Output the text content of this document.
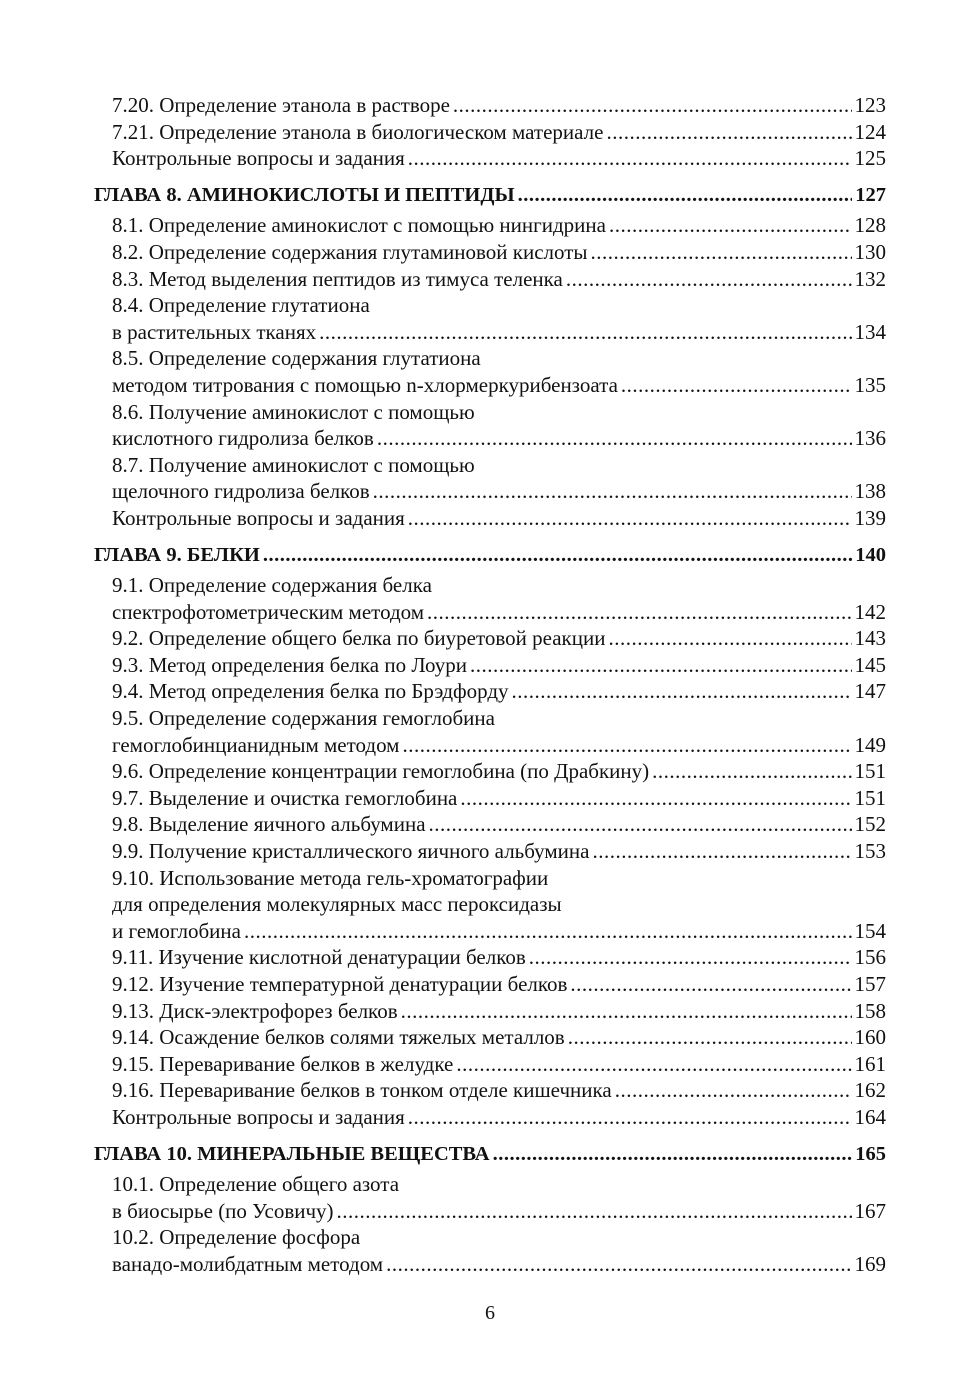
7.20. Определение этанола в растворе .....	123
7.21. Определение этанола в биологическом материале .....	124
Контрольные вопросы и задания .....	125
ГЛАВА 8. АМИНОКИСЛОТЫ И ПЕПТИДЫ .....	127
8.1. Определение аминокислот с помощью нингидрина .....	128
8.2. Определение содержания глутаминовой кислоты .....	130
8.3. Метод выделения пептидов из тимуса теленка .....	132
8.4. Определение глутатиона
в растительных тканях .....	134
8.5. Определение содержания глутатиона
методом титрования с помощью n-хлормеркурибензоата .....	135
8.6. Получение аминокислот с помощью
кислотного гидролиза белков .....	136
8.7. Получение аминокислот с помощью
щелочного гидролиза белков .....	138
Контрольные вопросы и задания .....	139
ГЛАВА 9. БЕЛКИ .....	140
9.1. Определение содержания белка
спектрофотометрическим методом .....	142
9.2. Определение общего белка по биуретовой реакции .....	143
9.3. Метод определения белка по Лоури .....	145
9.4. Метод определения белка по Брэдфорду .....	147
9.5. Определение содержания гемоглобина
гемоглобинцианидным методом .....	149
9.6. Определение концентрации гемоглобина (по Драбкину) .....	151
9.7. Выделение и очистка гемоглобина .....	151
9.8. Выделение яичного альбумина .....	152
9.9. Получение кристаллического яичного альбумина .....	153
9.10. Использование метода гель-хроматографии
для определения молекулярных масс пероксидазы
и гемоглобина .....	154
9.11. Изучение кислотной денатурации белков .....	156
9.12. Изучение температурной денатурации белков .....	157
9.13. Диск-электрофорез белков .....	158
9.14. Осаждение белков солями тяжелых металлов .....	160
9.15. Переваривание белков в желудке .....	161
9.16. Переваривание белков в тонком отделе кишечника .....	162
Контрольные вопросы и задания .....	164
ГЛАВА 10. МИНЕРАЛЬНЫЕ ВЕЩЕСТВА .....	165
10.1. Определение общего азота
в биосырье (по Усовичу) .....	167
10.2. Определение фосфора
ванадо-молибдатным методом .....	169
6
